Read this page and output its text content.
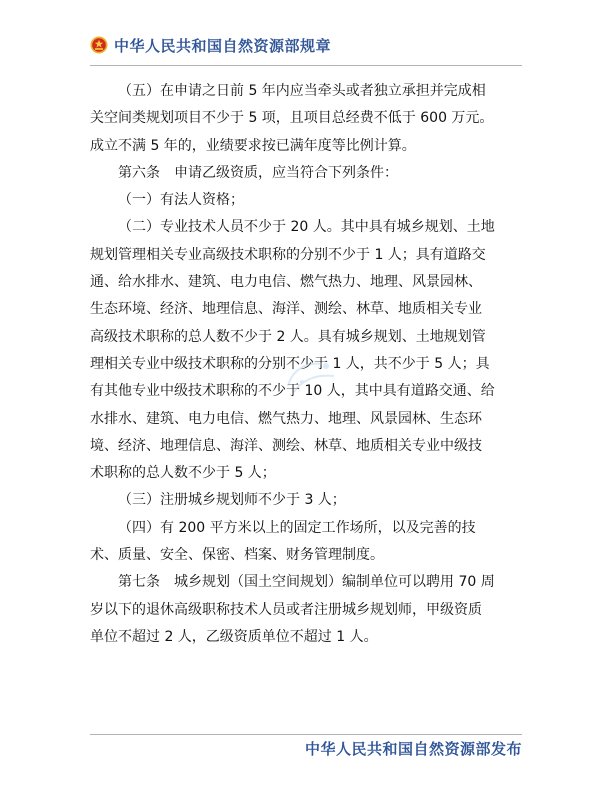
中华人民共和国自然资源部规章
（五）在申请之日前 5 年内应当牵头或者独立承担并完成相
关空间类规划项目不少于 5 项，且项目总经费不低于 600 万元。
成立不满 5 年的，业绩要求按已满年度等比例计算。
第六条　申请乙级资质，应当符合下列条件：
（一）有法人资格；
（二）专业技术人员不少于 20 人。其中具有城乡规划、土地
规划管理相关专业高级技术职称的分别不少于 1 人；具有道路交
通、给水排水、建筑、电力电信、燃气热力、地理、风景园林、
生态环境、经济、地理信息、海洋、测绘、林草、地质相关专业
高级技术职称的总人数不少于 2 人。具有城乡规划、土地规划管
理相关专业中级技术职称的分别不少于 1 人，共不少于 5 人；具
有其他专业中级技术职称的不少于 10 人，其中具有道路交通、给
水排水、建筑、电力电信、燃气热力、地理、风景园林、生态环
境、经济、地理信息、海洋、测绘、林草、地质相关专业中级技
术职称的总人数不少于 5 人；
（三）注册城乡规划师不少于 3 人；
（四）有 200 平方米以上的固定工作场所，以及完善的技
术、质量、安全、保密、档案、财务管理制度。
第七条　城乡规划（国土空间规划）编制单位可以聘用 70 周
岁以下的退休高级职称技术人员或者注册城乡规划师，甲级资质
单位不超过 2 人，乙级资质单位不超过 1 人。
中华人民共和国自然资源部发布
